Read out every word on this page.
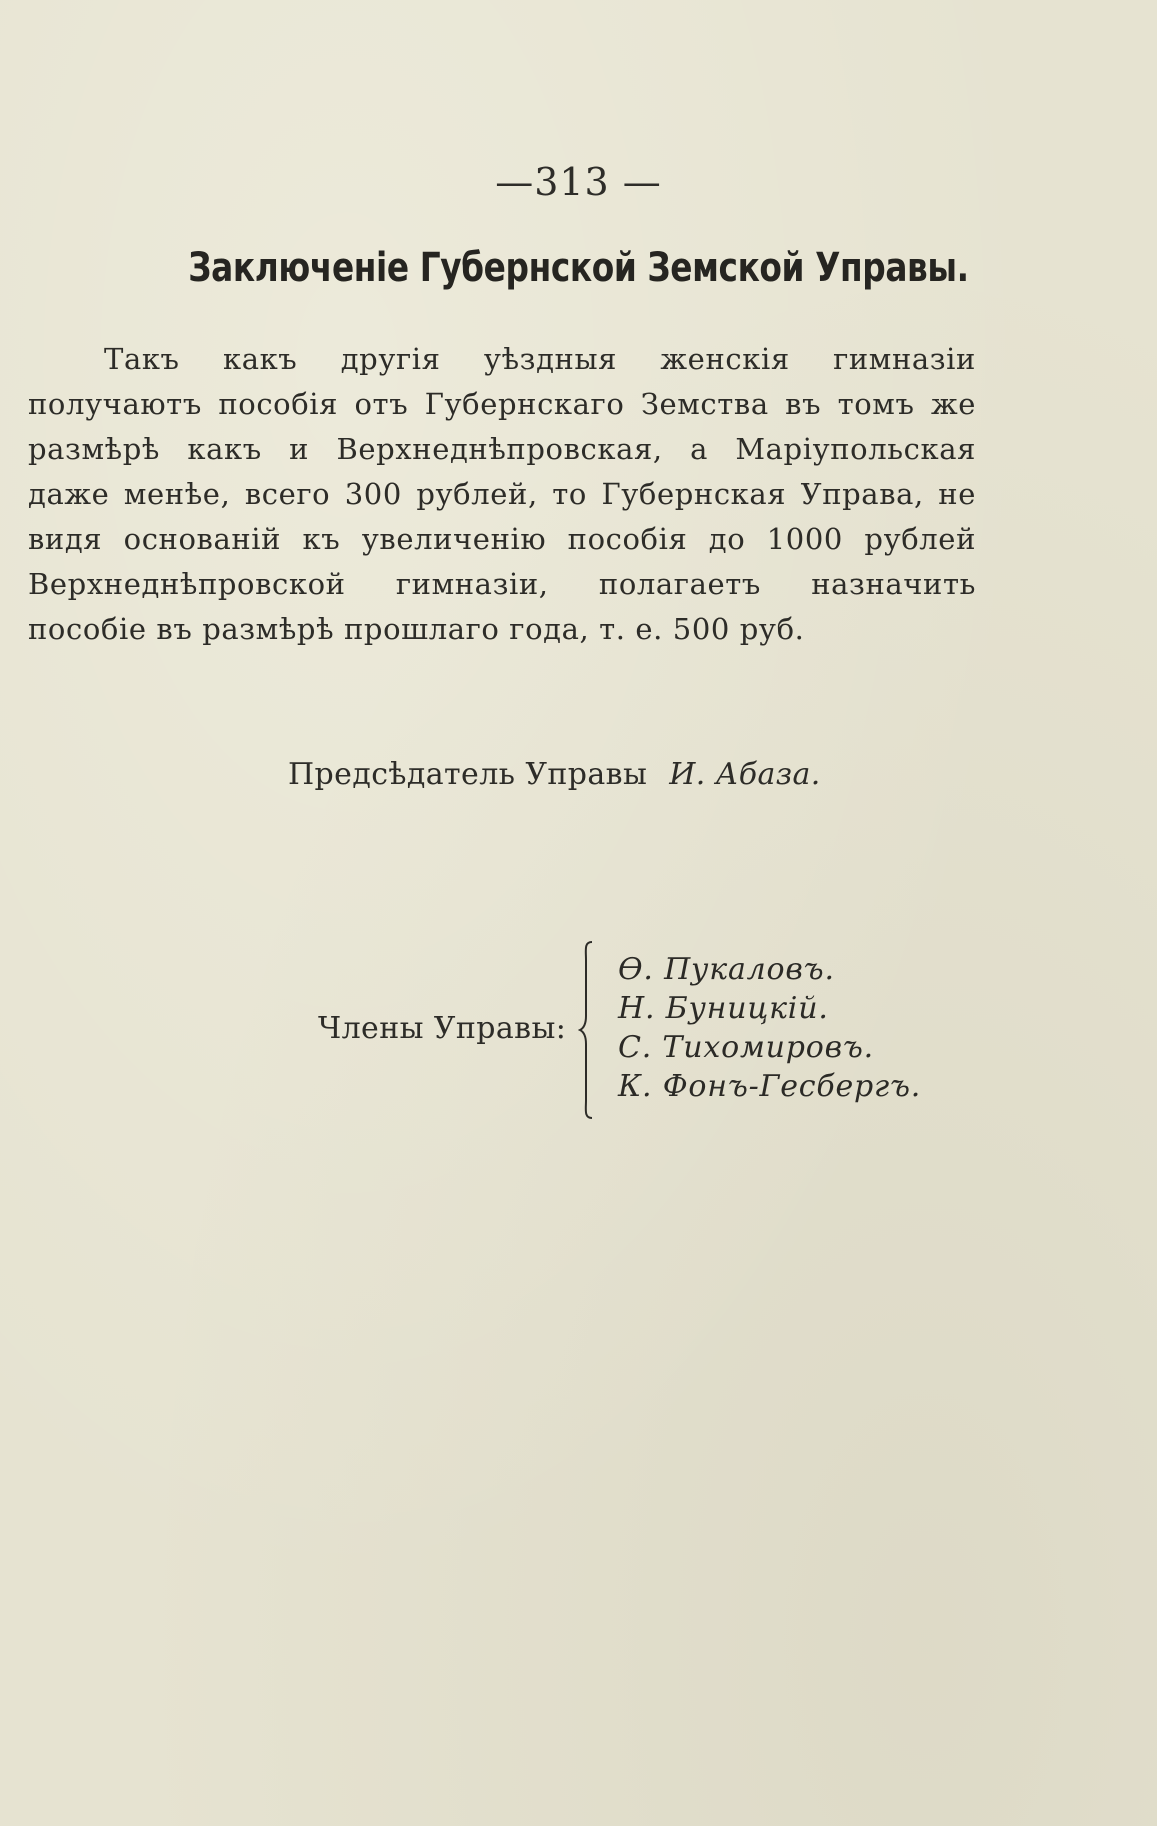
—313 —
Заключеніе Губернской Земской Управы.

Такъ какъ другія уѣздныя женскія гимназіи получаютъ пособія отъ Губернскаго Земства въ томъ же размѣрѣ какъ и Верхнеднѣпровская, а Маріупольская даже менѣе, всего 300 рублей, то Губернская Управа, не видя основаній къ увеличенію пособія до 1000 рублей Верхнеднѣпровской гимназіи, полагаетъ назначить пособіе въ размѣрѣ прошлаго года, т. е. 500 руб.

Предсѣдатель Управы И. Абаза.
Члены Управы:
Ѳ. Пукаловъ.
Н. Буницкій.
С. Тихомировъ.
К. Фонъ-Гесбергъ.
